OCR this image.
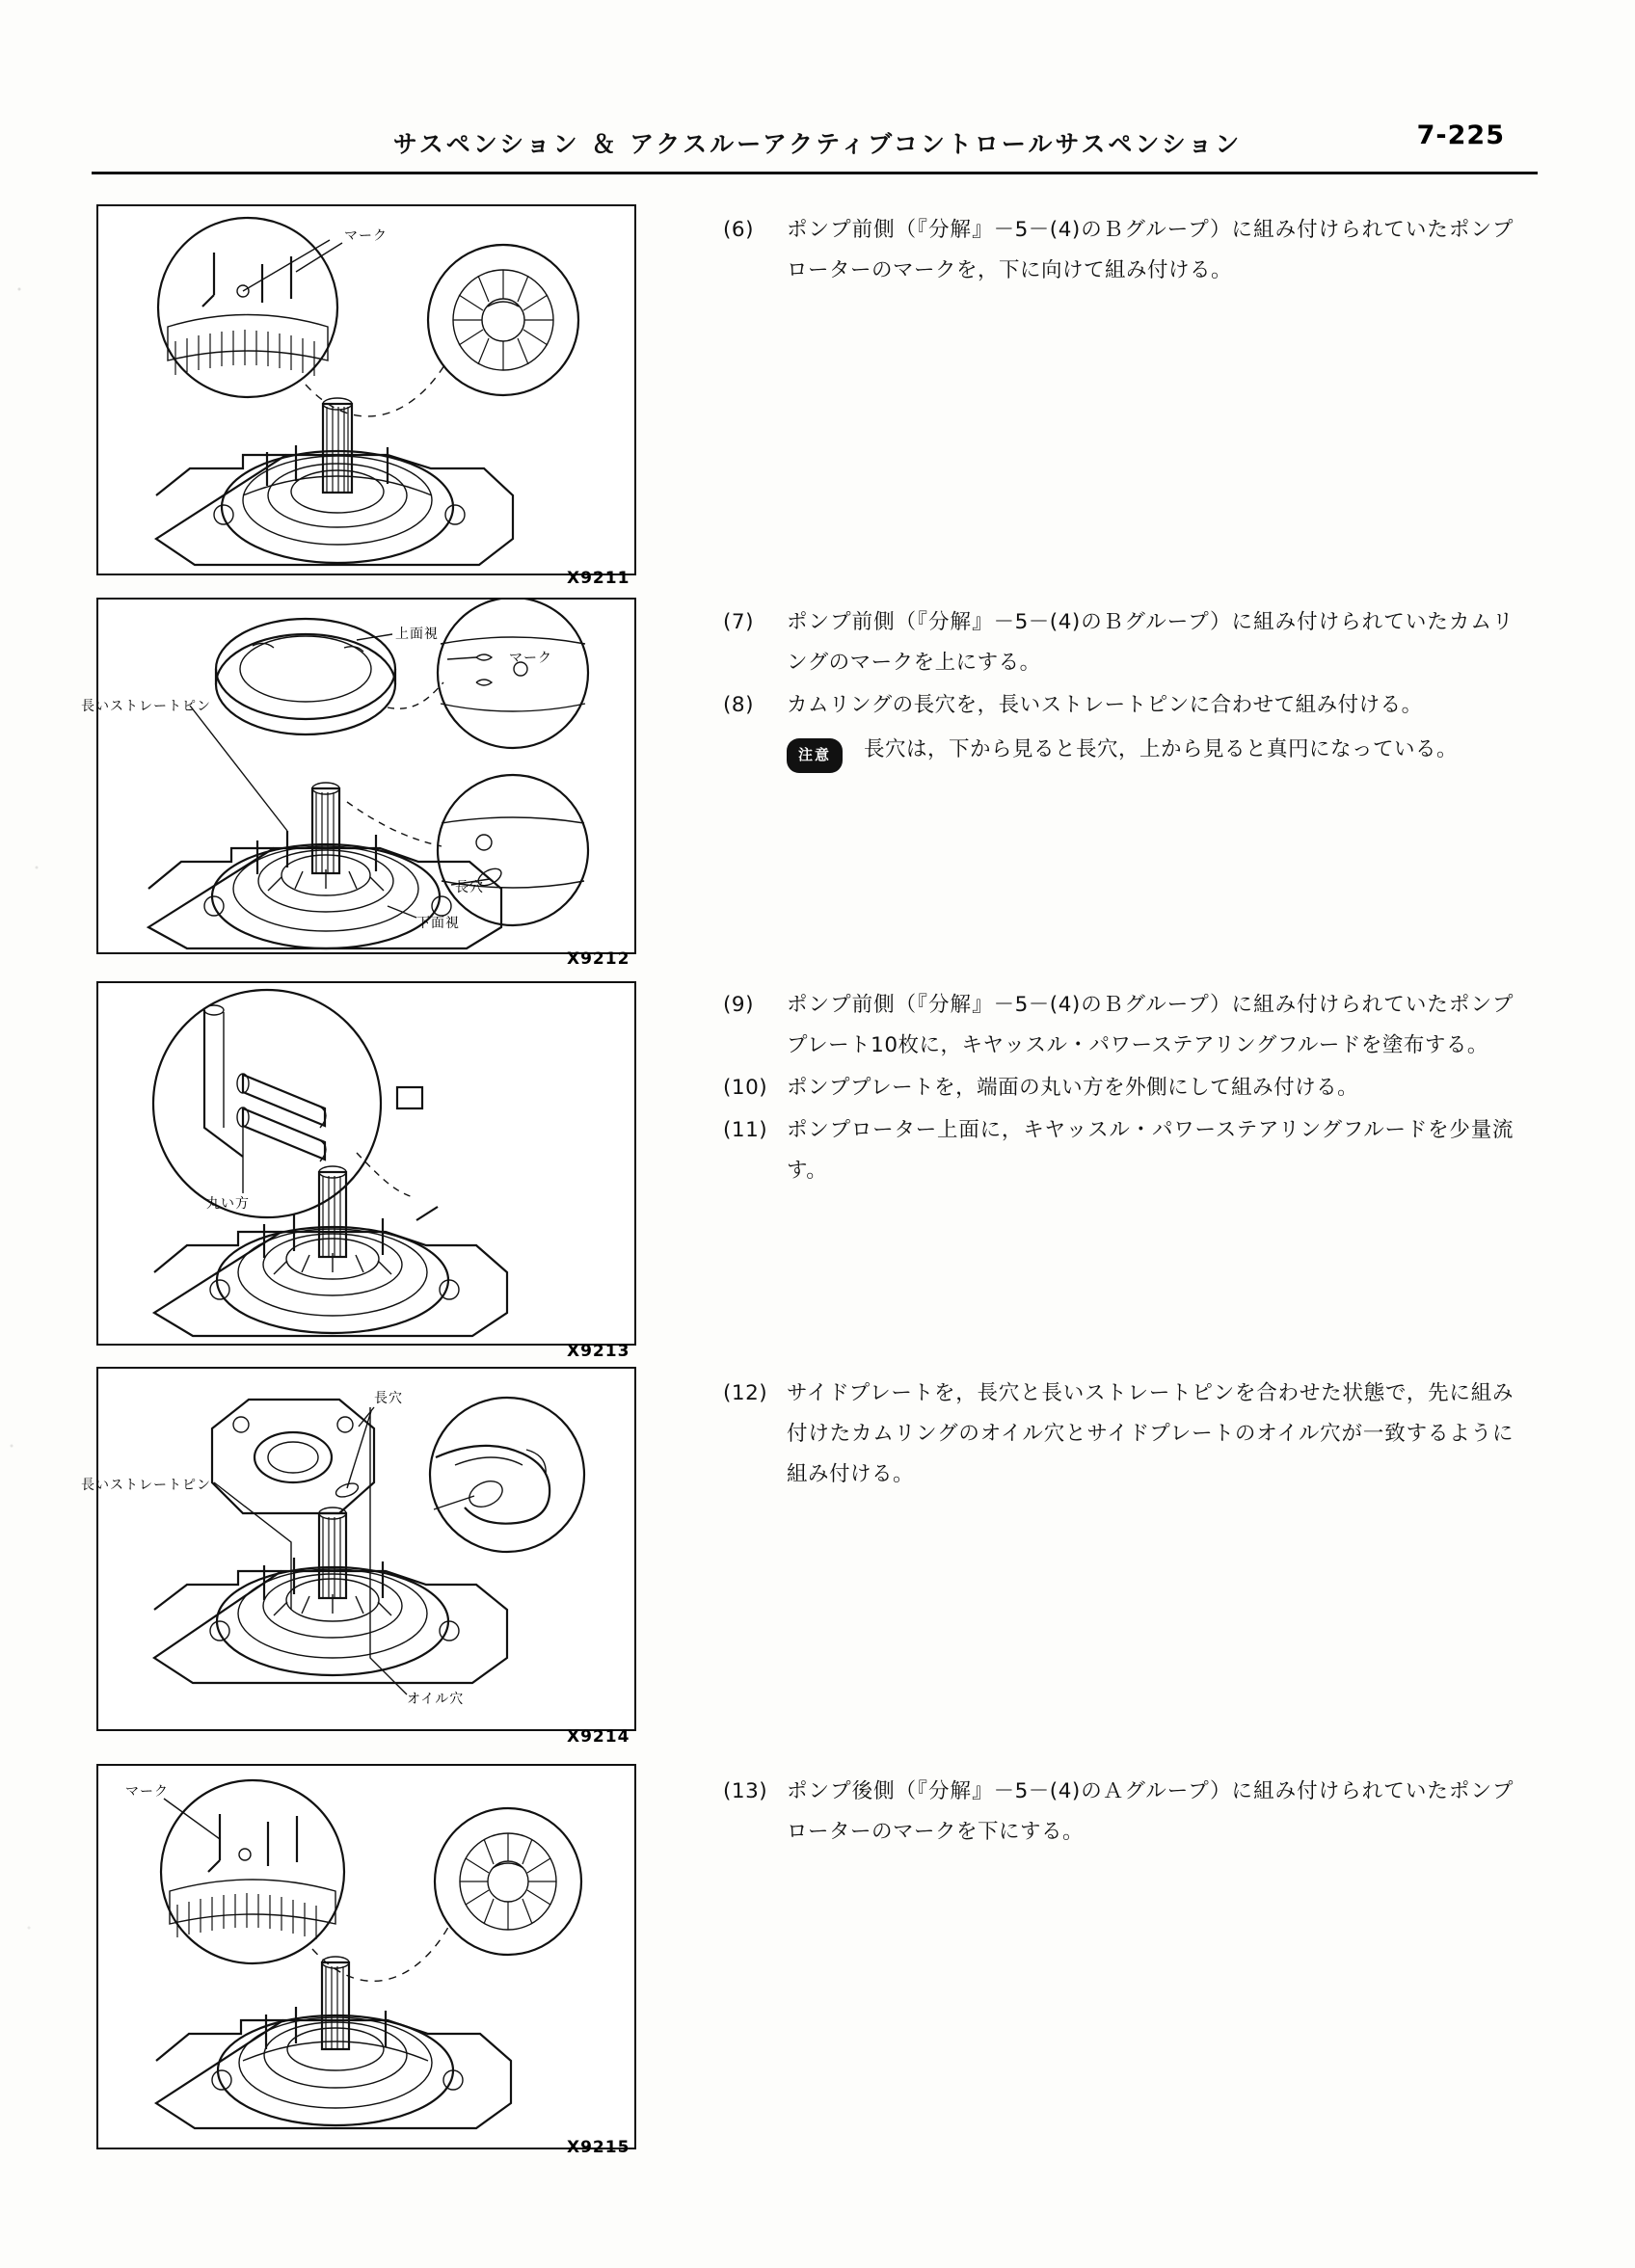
サスペンション ＆ アクスルーアクティブコントロールサスペンション	7-225
マーク
X9211
上面視
マーク
長いストレートピン
長穴
下面視
X9212
丸い方
X9213
長穴
長いストレートピン
オイル穴
X9214
マーク
X9215
(6)	ポンプ前側（『分解』－5－(4)のＢグループ）に組み付けられていたポンプローターのマークを，下に向けて組み付ける。
(7)	ポンプ前側（『分解』－5－(4)のＢグループ）に組み付けられていたカムリングのマークを上にする。
(8)	カムリングの長穴を，長いストレートピンに合わせて組み付ける。
注意	長穴は，下から見ると長穴，上から見ると真円になっている。
(9)	ポンプ前側（『分解』－5－(4)のＢグループ）に組み付けられていたポンププレート10枚に，キヤッスル・パワーステアリングフルードを塗布する。
(10) ポンププレートを，端面の丸い方を外側にして組み付ける。
(11) ポンプローター上面に，キヤッスル・パワーステアリングフルードを少量流す。
(12) サイドプレートを，長穴と長いストレートピンを合わせた状態で，先に組み付けたカムリングのオイル穴とサイドプレートのオイル穴が一致するように組み付ける。
(13) ポンプ後側（『分解』－5－(4)のＡグループ）に組み付けられていたポンプローターのマークを下にする。
